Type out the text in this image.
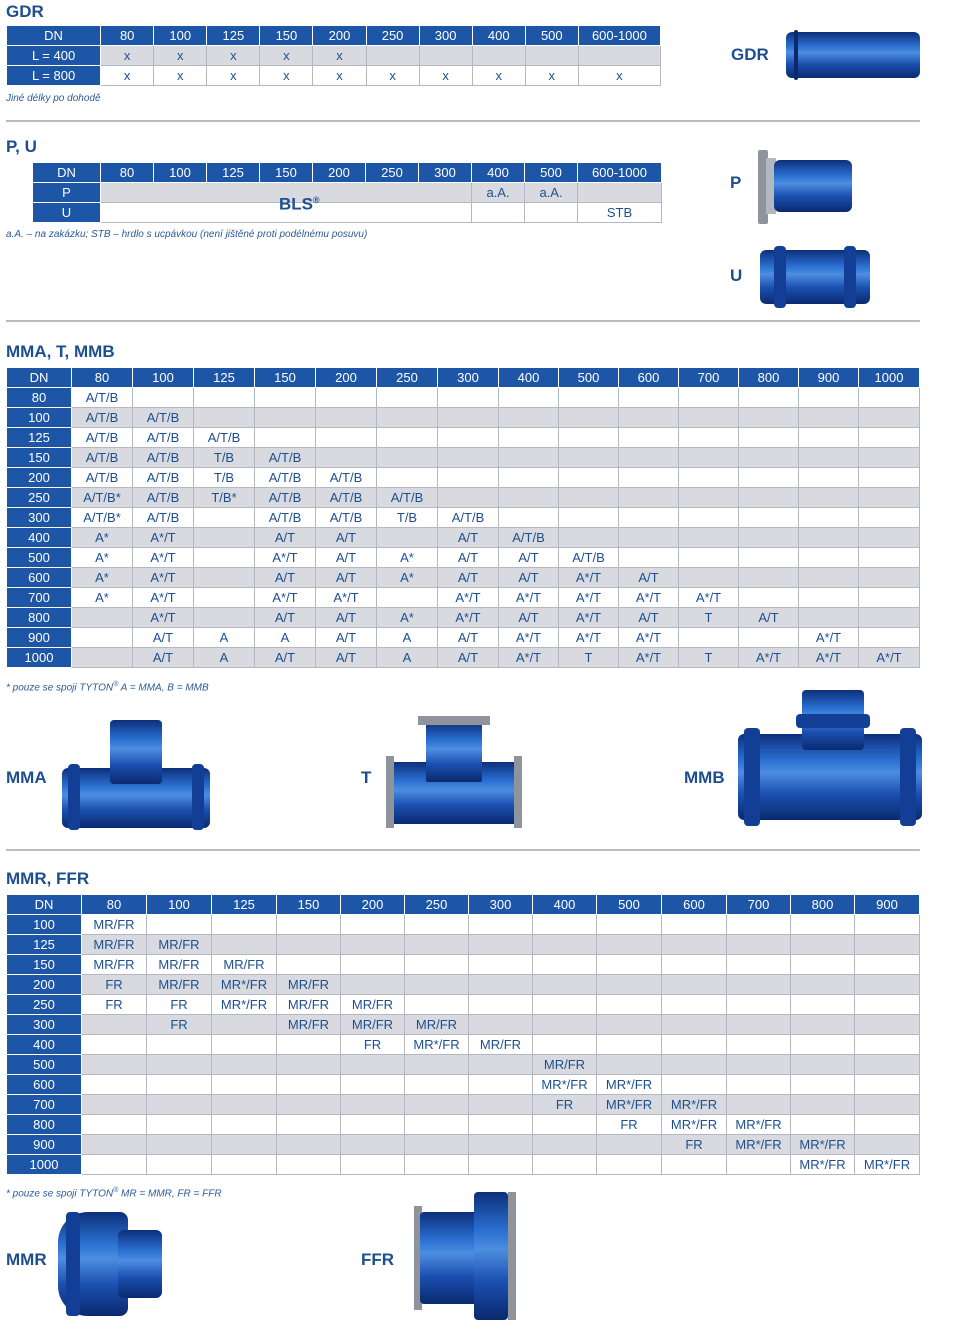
GDR
DN	80	100	125	150	200	250	300	400	500	600-1000
L = 400	x	x	x	x	x					
L = 800	x	x	x	x	x	x	x	x	x	x
Jiné délky po dohodě
GDR
P, U
DN	80	100	125	150	200	250	300	400	500	600-1000
P	BLS®							a.A.	a.A.	
U										STB
a.A. – na zakázku; STB – hrdlo s ucpávkou (není jištěné proti podélnému posuvu)
P
U
MMA, T, MMB
DN	80	100	125	150	200	250	300	400	500	600	700	800	900	1000
80	A/T/B													
100	A/T/B	A/T/B												
125	A/T/B	A/T/B	A/T/B											
150	A/T/B	A/T/B	T/B	A/T/B										
200	A/T/B	A/T/B	T/B	A/T/B	A/T/B									
250	A/T/B*	A/T/B	T/B*	A/T/B	A/T/B	A/T/B								
300	A/T/B*	A/T/B		A/T/B	A/T/B	T/B	A/T/B							
400	A*	A*/T		A/T	A/T		A/T	A/T/B						
500	A*	A*/T		A*/T	A/T	A*	A/T	A/T	A/T/B					
600	A*	A*/T		A/T	A/T	A*	A/T	A/T	A*/T	A/T				
700	A*	A*/T		A*/T	A*/T		A*/T	A*/T	A*/T	A*/T	A*/T			
800		A*/T		A/T	A/T	A*	A*/T	A/T	A*/T	A/T	T	A/T		
900		A/T	A	A	A/T	A	A/T	A*/T	A*/T	A*/T			A*/T	
1000		A/T	A	A/T	A/T	A	A/T	A*/T	T	A*/T	T	A*/T	A*/T	A*/T
* pouze se spoji TYTON® A = MMA, B = MMB
MMA	T	MMB
MMR, FFR
DN	80	100	125	150	200	250	300	400	500	600	700	800	900
100	MR/FR												
125	MR/FR	MR/FR											
150	MR/FR	MR/FR	MR/FR										
200	FR	MR/FR	MR*/FR	MR/FR									
250	FR	FR	MR*/FR	MR/FR	MR/FR								
300		FR		MR/FR	MR/FR	MR/FR							
400					FR	MR*/FR	MR/FR						
500								MR/FR					
600								MR*/FR	MR*/FR				
700								FR	MR*/FR	MR*/FR			
800									FR	MR*/FR	MR*/FR		
900										FR	MR*/FR	MR*/FR	
1000												MR*/FR	MR*/FR
* pouze se spoji TYTON® MR = MMR, FR = FFR
MMR	FFR
